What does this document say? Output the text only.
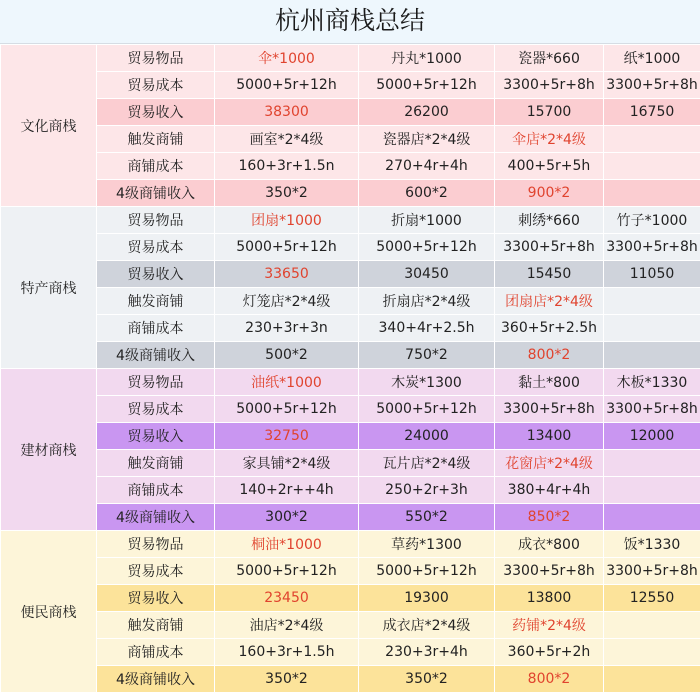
杭州商栈总结
文化商栈	贸易物品	伞*1000	丹丸*1000	瓷器*660	纸*1000
	贸易成本	5000+5r+12h	5000+5r+12h	3300+5r+8h	3300+5r+8h
	贸易收入	38300	26200	15700	16750
	触发商铺	画室*2*4级	瓷器店*2*4级	伞店*2*4级	
	商铺成本	160+3r+1.5n	270+4r+4h	400+5r+5h	
	4级商铺收入	350*2	600*2	900*2	
特产商栈	贸易物品	团扇*1000	折扇*1000	刺绣*660	竹子*1000
	贸易成本	5000+5r+12h	5000+5r+12h	3300+5r+8h	3300+5r+8h
	贸易收入	33650	30450	15450	11050
	触发商铺	灯笼店*2*4级	折扇店*2*4级	团扇店*2*4级	
	商铺成本	230+3r+3n	340+4r+2.5h	360+5r+2.5h	
	4级商铺收入	500*2	750*2	800*2	
建材商栈	贸易物品	油纸*1000	木炭*1300	黏土*800	木板*1330
	贸易成本	5000+5r+12h	5000+5r+12h	3300+5r+8h	3300+5r+8h
	贸易收入	32750	24000	13400	12000
	触发商铺	家具铺*2*4级	瓦片店*2*4级	花窗店*2*4级	
	商铺成本	140+2r++4h	250+2r+3h	380+4r+4h	
	4级商铺收入	300*2	550*2	850*2	
便民商栈	贸易物品	桐油*1000	草药*1300	成衣*800	饭*1330
	贸易成本	5000+5r+12h	5000+5r+12h	3300+5r+8h	3300+5r+8h
	贸易收入	23450	19300	13800	12550
	触发商铺	油店*2*4级	成衣店*2*4级	药铺*2*4级	
	商铺成本	160+3r+1.5h	230+3r+4h	360+5r+2h	
	4级商铺收入	350*2	350*2	800*2	
